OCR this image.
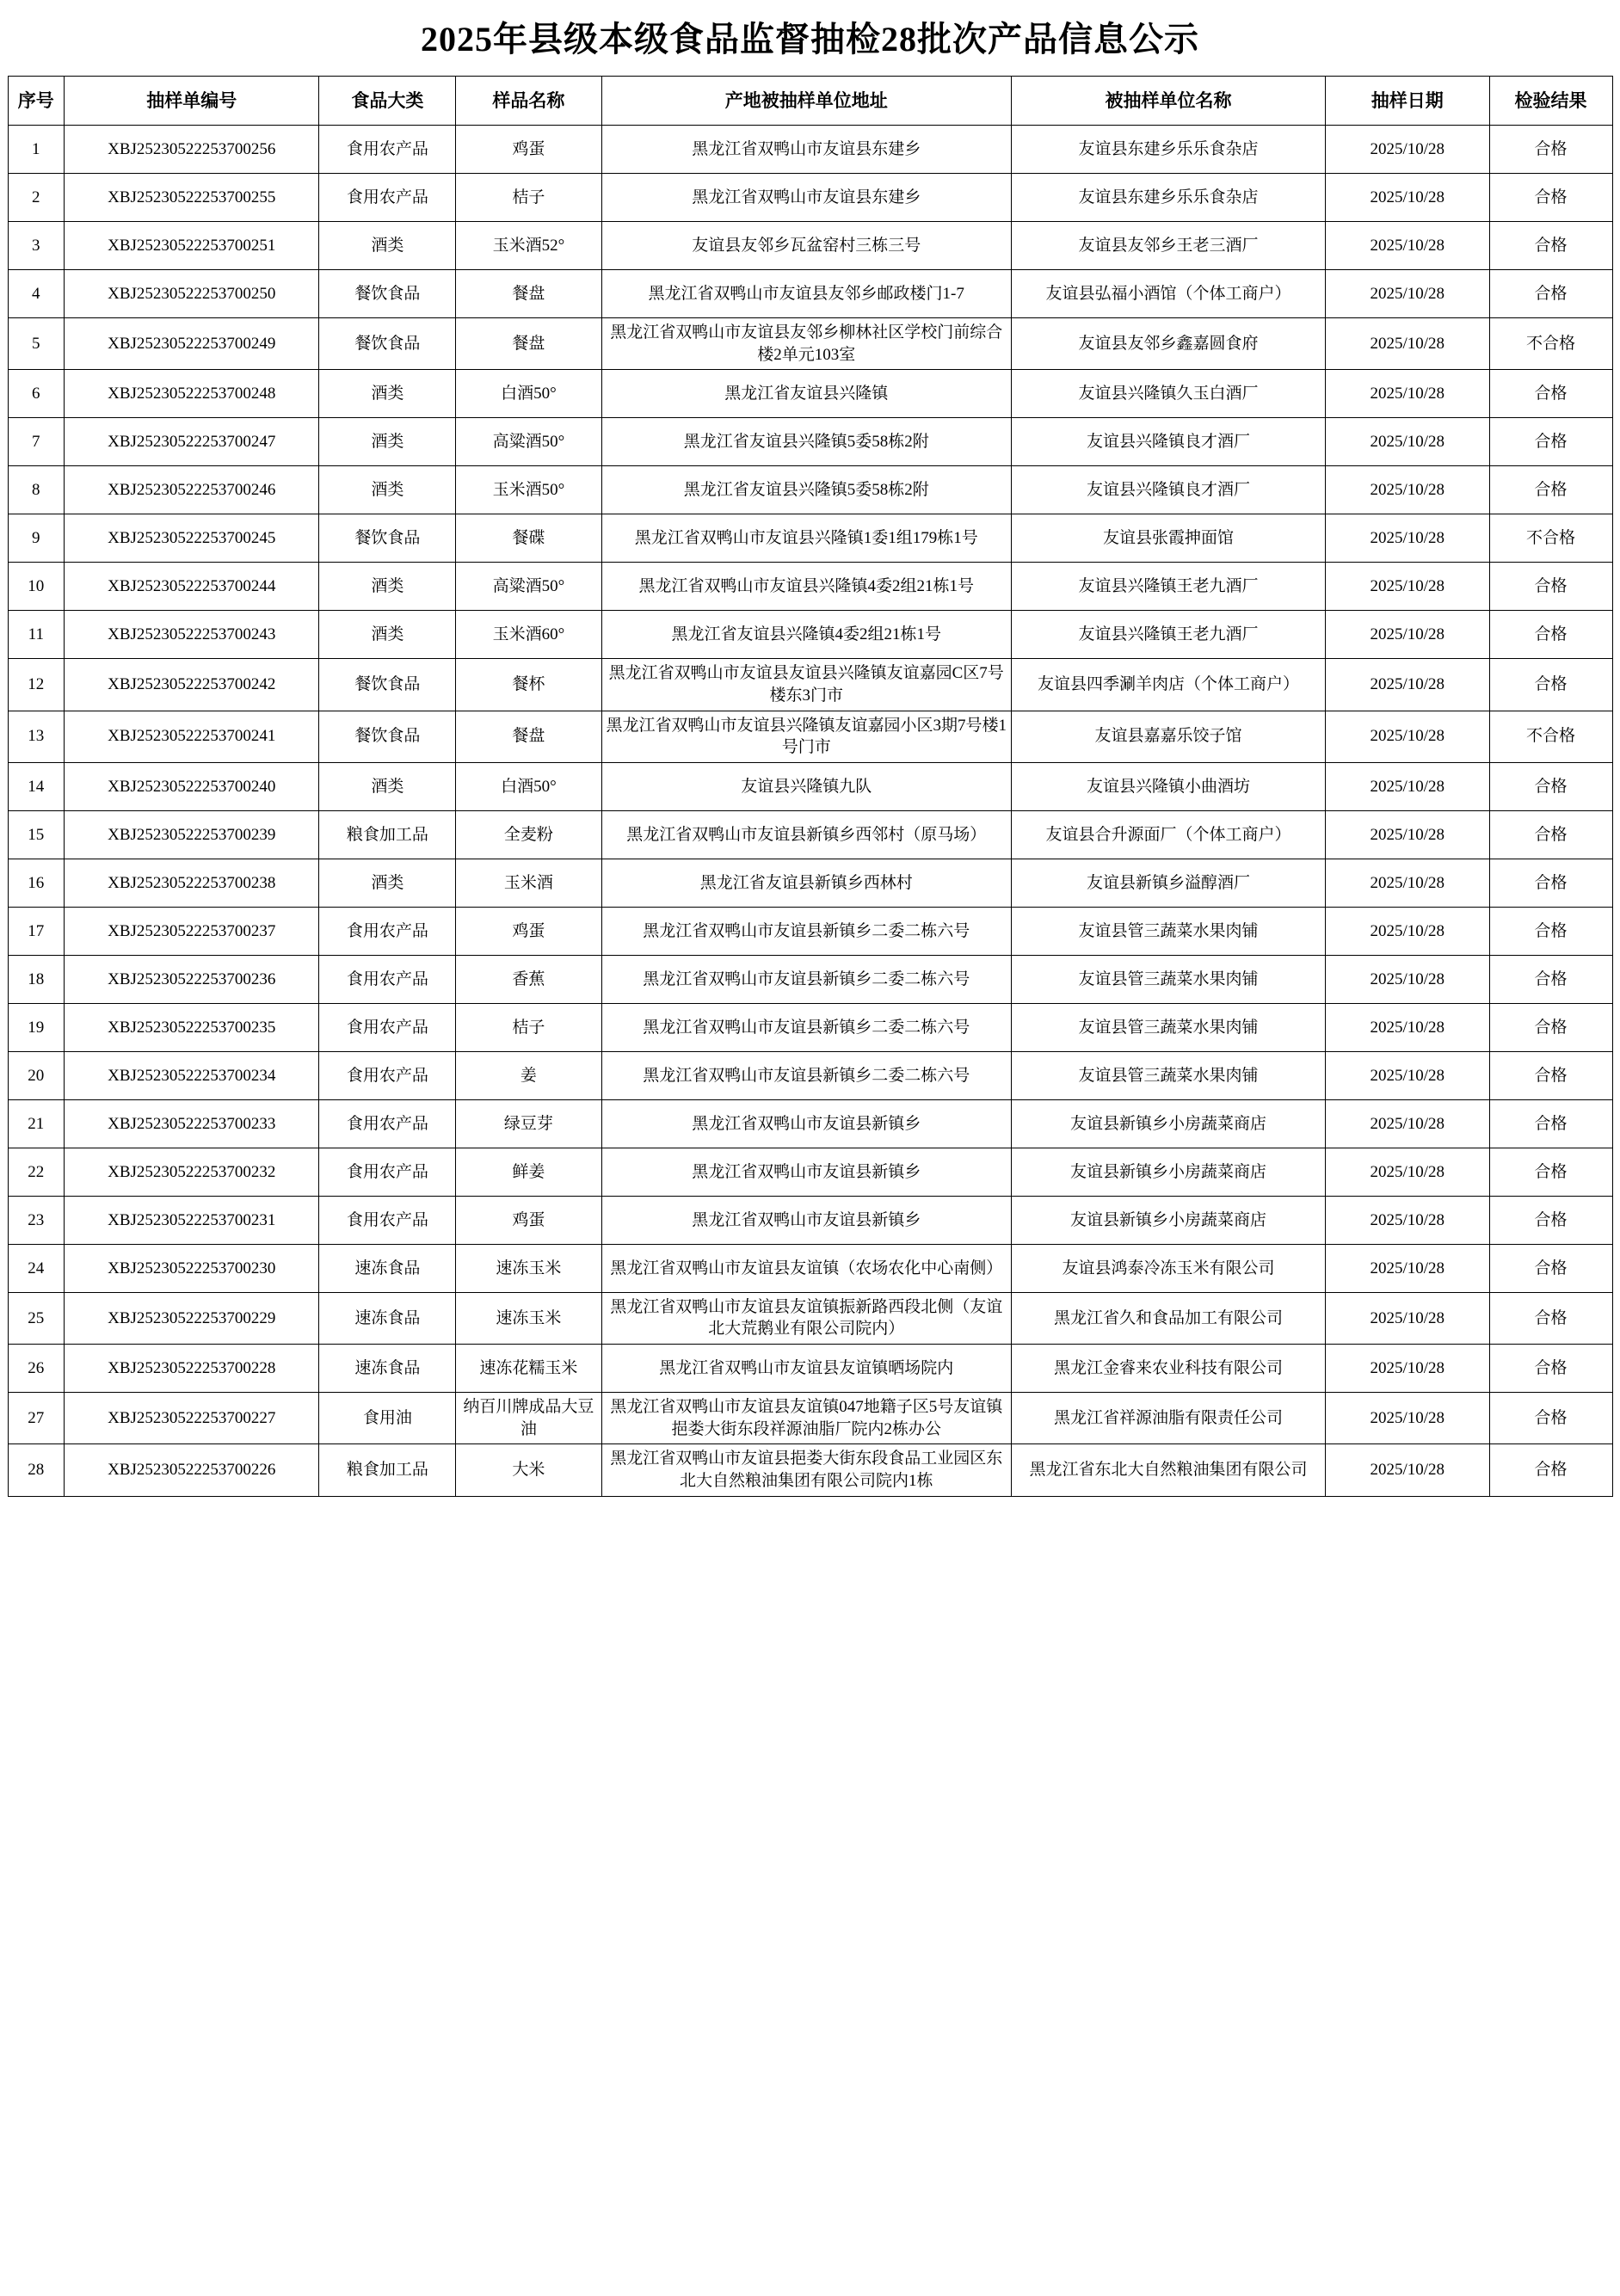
2025年县级本级食品监督抽检28批次产品信息公示
序号	抽样单编号	食品大类	样品名称	产地被抽样单位地址	被抽样单位名称	抽样日期	检验结果
1	XBJ25230522253700256	食用农产品	鸡蛋	黑龙江省双鸭山市友谊县东建乡	友谊县东建乡乐乐食杂店	2025/10/28	合格
2	XBJ25230522253700255	食用农产品	桔子	黑龙江省双鸭山市友谊县东建乡	友谊县东建乡乐乐食杂店	2025/10/28	合格
3	XBJ25230522253700251	酒类	玉米酒52°	友谊县友邻乡瓦盆窑村三栋三号	友谊县友邻乡王老三酒厂	2025/10/28	合格
4	XBJ25230522253700250	餐饮食品	餐盘	黑龙江省双鸭山市友谊县友邻乡邮政楼门1-7	友谊县弘福小酒馆（个体工商户）	2025/10/28	合格
5	XBJ25230522253700249	餐饮食品	餐盘	黑龙江省双鸭山市友谊县友邻乡柳林社区学校门前综合楼2单元103室	友谊县友邻乡鑫嘉圆食府	2025/10/28	不合格
6	XBJ25230522253700248	酒类	白酒50°	黑龙江省友谊县兴隆镇	友谊县兴隆镇久玉白酒厂	2025/10/28	合格
7	XBJ25230522253700247	酒类	高粱酒50°	黑龙江省友谊县兴隆镇5委58栋2附	友谊县兴隆镇良才酒厂	2025/10/28	合格
8	XBJ25230522253700246	酒类	玉米酒50°	黑龙江省友谊县兴隆镇5委58栋2附	友谊县兴隆镇良才酒厂	2025/10/28	合格
9	XBJ25230522253700245	餐饮食品	餐碟	黑龙江省双鸭山市友谊县兴隆镇1委1组179栋1号	友谊县张霞抻面馆	2025/10/28	不合格
10	XBJ25230522253700244	酒类	高粱酒50°	黑龙江省双鸭山市友谊县兴隆镇4委2组21栋1号	友谊县兴隆镇王老九酒厂	2025/10/28	合格
11	XBJ25230522253700243	酒类	玉米酒60°	黑龙江省友谊县兴隆镇4委2组21栋1号	友谊县兴隆镇王老九酒厂	2025/10/28	合格
12	XBJ25230522253700242	餐饮食品	餐杯	黑龙江省双鸭山市友谊县友谊县兴隆镇友谊嘉园C区7号楼东3门市	友谊县四季涮羊肉店（个体工商户）	2025/10/28	合格
13	XBJ25230522253700241	餐饮食品	餐盘	黑龙江省双鸭山市友谊县兴隆镇友谊嘉园小区3期7号楼1号门市	友谊县嘉嘉乐饺子馆	2025/10/28	不合格
14	XBJ25230522253700240	酒类	白酒50°	友谊县兴隆镇九队	友谊县兴隆镇小曲酒坊	2025/10/28	合格
15	XBJ25230522253700239	粮食加工品	全麦粉	黑龙江省双鸭山市友谊县新镇乡西邻村（原马场）	友谊县合升源面厂（个体工商户）	2025/10/28	合格
16	XBJ25230522253700238	酒类	玉米酒	黑龙江省友谊县新镇乡西林村	友谊县新镇乡溢醇酒厂	2025/10/28	合格
17	XBJ25230522253700237	食用农产品	鸡蛋	黑龙江省双鸭山市友谊县新镇乡二委二栋六号	友谊县管三蔬菜水果肉铺	2025/10/28	合格
18	XBJ25230522253700236	食用农产品	香蕉	黑龙江省双鸭山市友谊县新镇乡二委二栋六号	友谊县管三蔬菜水果肉铺	2025/10/28	合格
19	XBJ25230522253700235	食用农产品	桔子	黑龙江省双鸭山市友谊县新镇乡二委二栋六号	友谊县管三蔬菜水果肉铺	2025/10/28	合格
20	XBJ25230522253700234	食用农产品	姜	黑龙江省双鸭山市友谊县新镇乡二委二栋六号	友谊县管三蔬菜水果肉铺	2025/10/28	合格
21	XBJ25230522253700233	食用农产品	绿豆芽	黑龙江省双鸭山市友谊县新镇乡	友谊县新镇乡小房蔬菜商店	2025/10/28	合格
22	XBJ25230522253700232	食用农产品	鲜姜	黑龙江省双鸭山市友谊县新镇乡	友谊县新镇乡小房蔬菜商店	2025/10/28	合格
23	XBJ25230522253700231	食用农产品	鸡蛋	黑龙江省双鸭山市友谊县新镇乡	友谊县新镇乡小房蔬菜商店	2025/10/28	合格
24	XBJ25230522253700230	速冻食品	速冻玉米	黑龙江省双鸭山市友谊县友谊镇（农场农化中心南侧）	友谊县鸿泰冷冻玉米有限公司	2025/10/28	合格
25	XBJ25230522253700229	速冻食品	速冻玉米	黑龙江省双鸭山市友谊县友谊镇振新路西段北侧（友谊北大荒鹅业有限公司院内）	黑龙江省久和食品加工有限公司	2025/10/28	合格
26	XBJ25230522253700228	速冻食品	速冻花糯玉米	黑龙江省双鸭山市友谊县友谊镇晒场院内	黑龙江金睿来农业科技有限公司	2025/10/28	合格
27	XBJ25230522253700227	食用油	纳百川牌成品大豆油	黑龙江省双鸭山市友谊县友谊镇047地籍子区5号友谊镇挹娄大街东段祥源油脂厂院内2栋办公	黑龙江省祥源油脂有限责任公司	2025/10/28	合格
28	XBJ25230522253700226	粮食加工品	大米	黑龙江省双鸭山市友谊县挹娄大街东段食品工业园区东北大自然粮油集团有限公司院内1栋	黑龙江省东北大自然粮油集团有限公司	2025/10/28	合格
